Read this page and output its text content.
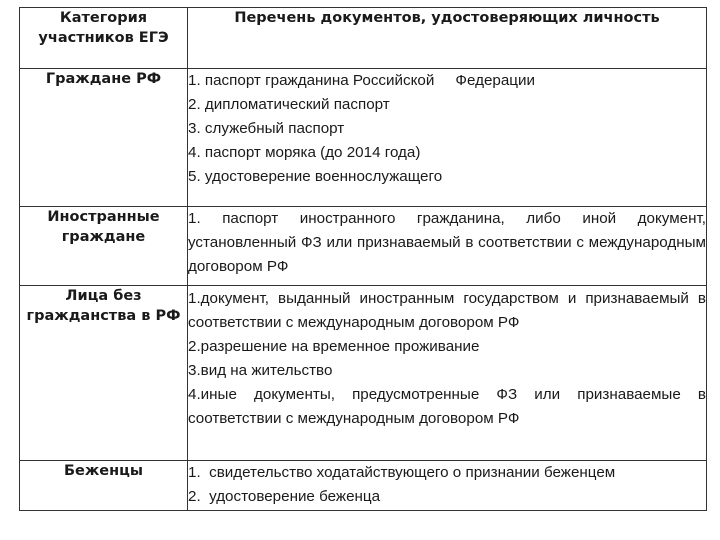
Категория участников ЕГЭ	Перечень документов, удостоверяющих личность
Граждане РФ	1. паспорт гражданина Российской     Федерации
2. дипломатический паспорт
3. служебный паспорт
4. паспорт моряка (до 2014 года)
5. удостоверение военнослужащего

Иностранные граждане	1. паспорт иностранного гражданина, либо иной документ, установленный ФЗ или признаваемый в соответствии с международным договором РФ

Лица без гражданства в РФ	1.документ, выданный иностранным государством и признаваемый в соответствии с международным договором РФ
2.разрешение на временное проживание
3.вид на жительство
4.иные документы, предусмотренные ФЗ или признаваемые в соответствии с международным договором РФ

Беженцы	1.  свидетельство ходатайствующего о признании беженцем
2.  удостоверение беженца
